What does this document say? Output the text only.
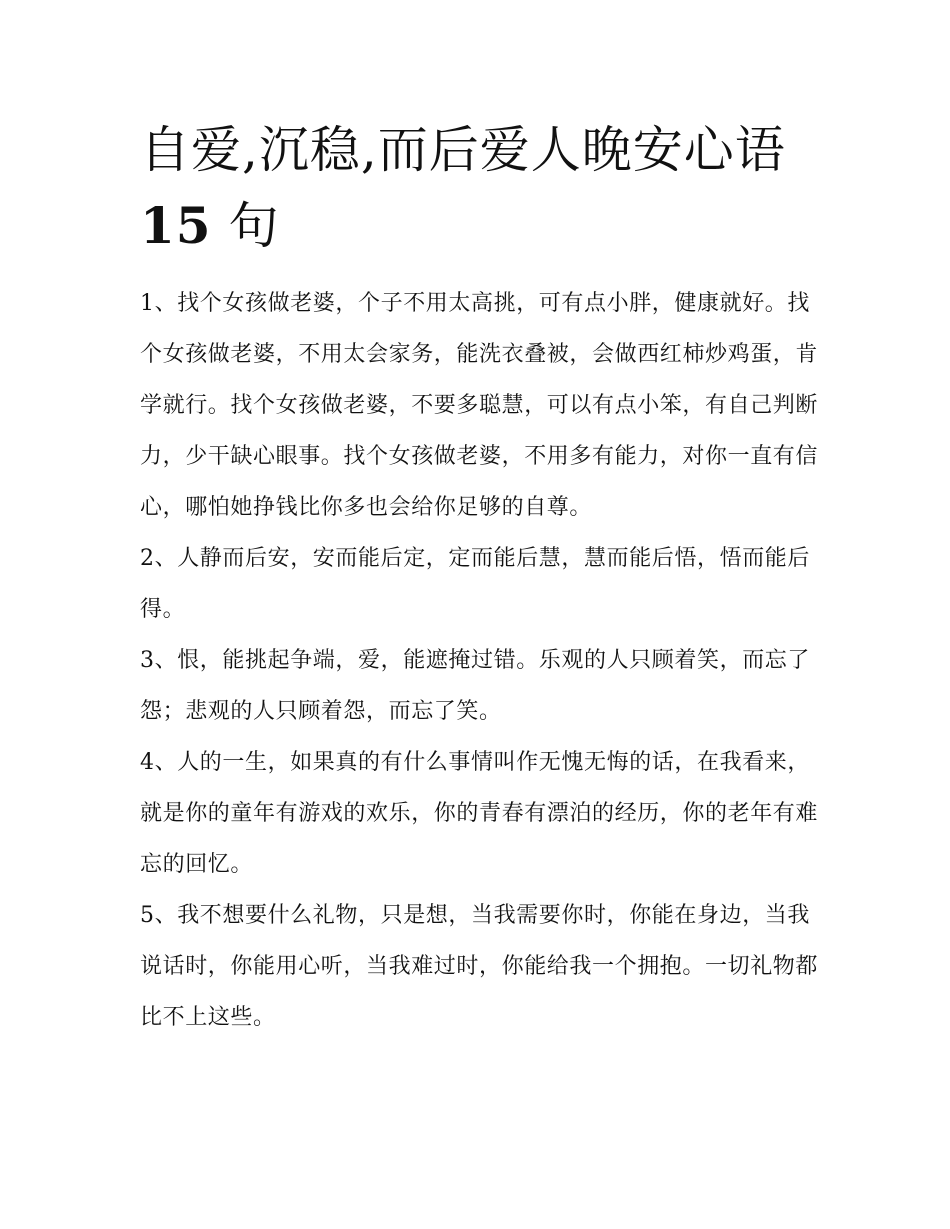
自爱,沉稳,而后爱人晚安心语
15 句

1、找个女孩做老婆，个子不用太高挑，可有点小胖，健康就好。找个女孩做老婆，不用太会家务，能洗衣叠被，会做西红柿炒鸡蛋，肯学就行。找个女孩做老婆，不要多聪慧，可以有点小笨，有自己判断力，少干缺心眼事。找个女孩做老婆，不用多有能力，对你一直有信心，哪怕她挣钱比你多也会给你足够的自尊。

2、人静而后安，安而能后定，定而能后慧，慧而能后悟，悟而能后得。

3、恨，能挑起争端，爱，能遮掩过错。乐观的人只顾着笑，而忘了怨；悲观的人只顾着怨，而忘了笑。

4、人的一生，如果真的有什么事情叫作无愧无悔的话，在我看来，就是你的童年有游戏的欢乐，你的青春有漂泊的经历，你的老年有难忘的回忆。

5、我不想要什么礼物，只是想，当我需要你时，你能在身边，当我说话时，你能用心听，当我难过时，你能给我一个拥抱。一切礼物都比不上这些。
